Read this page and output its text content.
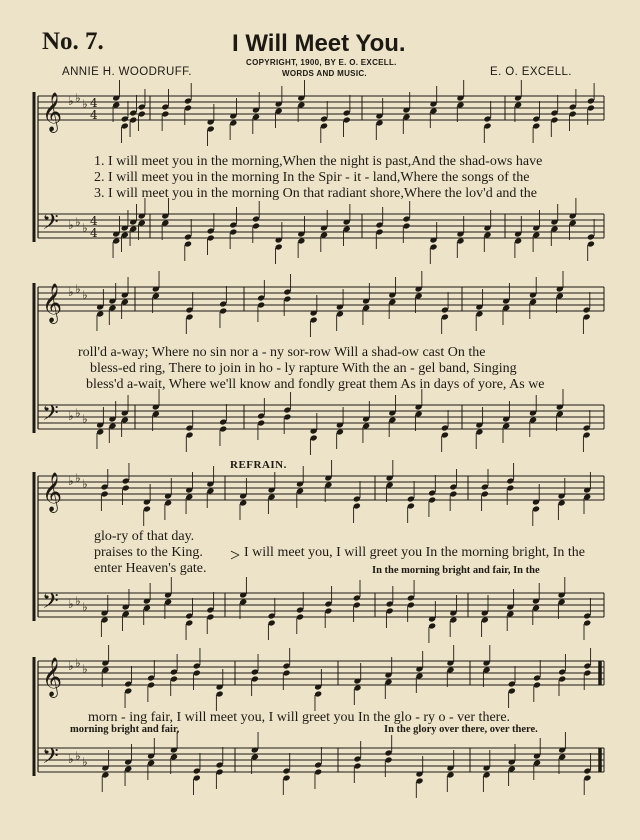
𝄞
𝄢
♭ ♭ ♭
♭ ♭ ♭
4
4
4
4
𝄞
𝄢
♭ ♭ ♭
♭ ♭ ♭
𝄞
𝄢
♭ ♭ ♭
♭ ♭ ♭
𝄞
𝄢
♭ ♭ ♭
♭ ♭ ♭
No. 7.	I Will Meet You.
COPYRIGHT, 1900, BY E. O. EXCELL.
WORDS AND MUSIC.
ANNIE H. WOODRUFF.	E. O. EXCELL.
1. I will meet you in the morning,When the night is past,And the shad-ows have
2. I will meet you in the morning In the Spir - it - land,Where the songs of the
3. I will meet you in the morning On that radiant shore,Where the lov'd and the
roll'd a-way; Where no sin nor a - ny sor-row Will a shad-ow cast On the
bless-ed ring, There to join in ho - ly rapture With the an - gel band, Singing
bless'd a-wait, Where we'll know and fondly great them As in days of yore, As we
REFRAIN.
glo-ry of that day.
praises to the King.
enter Heaven's gate.
> I will meet you, I will greet you In the morning bright, In the
In the morning bright and fair, In the
morn - ing fair, I will meet you, I will greet you In the glo - ry o - ver there.
morning bright and fair,	In the glory over there, over there.
